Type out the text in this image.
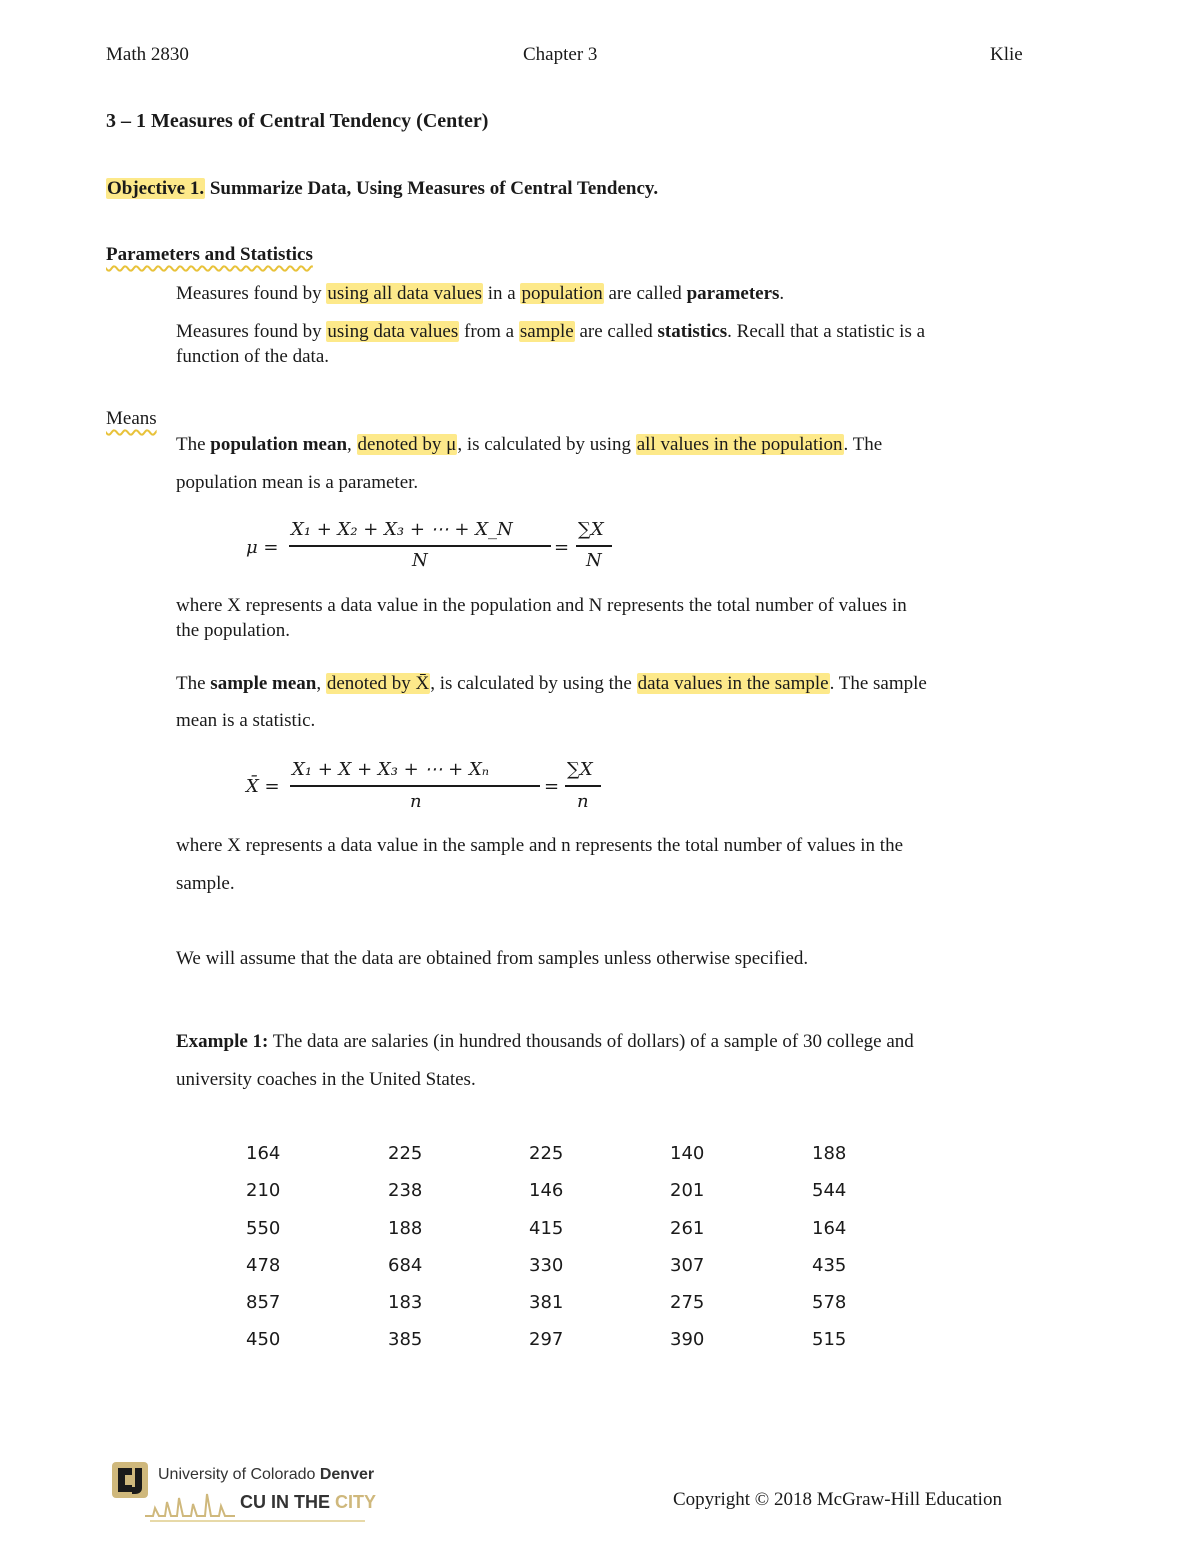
Math 2830	Chapter 3	Klie
3 – 1 Measures of Central Tendency (Center)
Objective 1. Summarize Data, Using Measures of Central Tendency.
Parameters and Statistics
Measures found by using all data values in a population are called parameters.
Measures found by using data values from a sample are called statistics. Recall that a statistic is a
function of the data.
Means
The population mean, denoted by μ, is calculated by using all values in the population. The
population mean is a parameter.
μ =
X₁ + X₂ + X₃ + ⋯ + X_N
N
=
∑X
N
where X represents a data value in the population and N represents the total number of values in
the population.
The sample mean, denoted by X̄, is calculated by using the data values in the sample. The sample
mean is a statistic.
X̄ =
X₁ + X + X₃ + ⋯ + Xₙ
n
=
∑X
n
where X represents a data value in the sample and n represents the total number of values in the
sample.
We will assume that the data are obtained from samples unless otherwise specified.
Example 1: The data are salaries (in hundred thousands of dollars) of a sample of 30 college and
university coaches in the United States.
164	225	225	140	188
210	238	146	201	544
550	188	415	261	164
478	684	330	307	435
857	183	381	275	578
450	385	297	390	515
University of Colorado Denver
CU IN THE CITY	Copyright © 2018 McGraw-Hill Education
